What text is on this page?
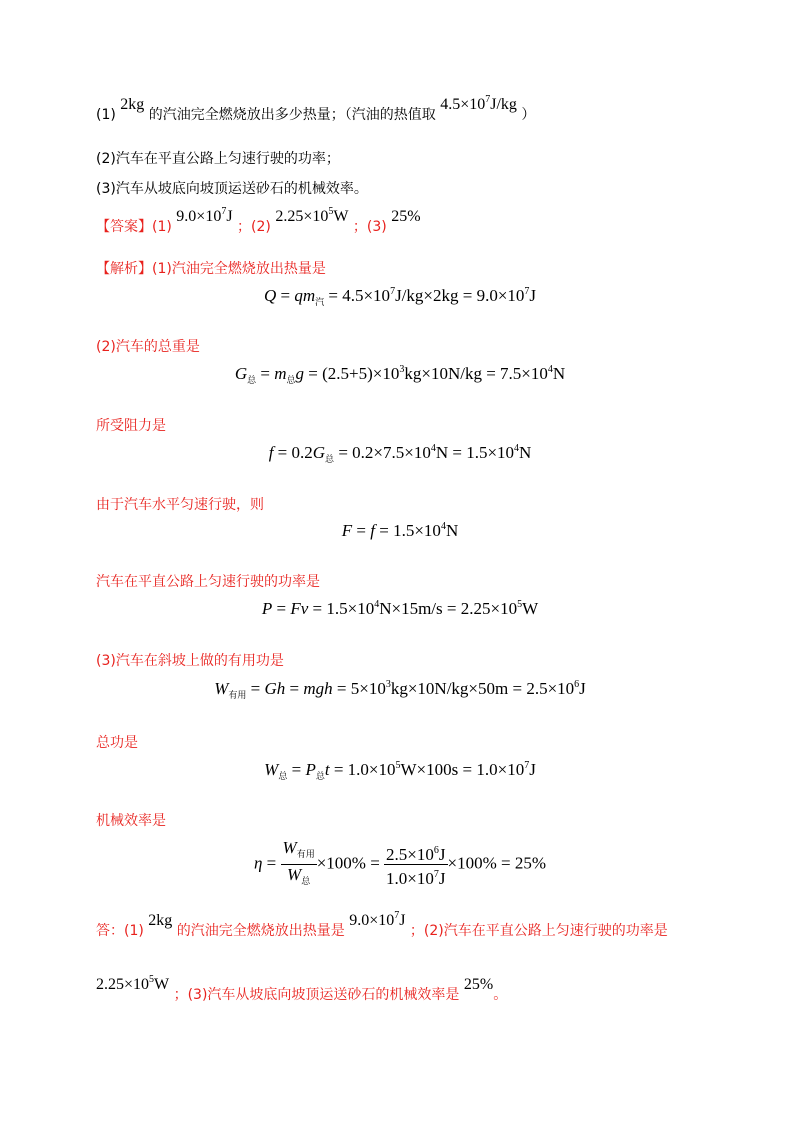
(1) 2kg 的汽油完全燃烧放出多少热量；（汽油的热值取 $4.5\times 10^7J/kg$ ）
(2)汽车在平直公路上匀速行驶的功率；
(3)汽车从坡底向坡顶运送砂石的机械效率。
【答案】(1) $9.0\times 10^7J$ ；(2) $2.25\times 10^5W$ ；(3) 25%
【解析】(1)汽油完全燃烧放出热量是
$Q = qm_汽 = 4.5\times 10^7J/kg\times 2kg = 9.0\times 10^7J$
(2)汽车的总重是
$G_总 = m_总g = (2.5+5)\times 10^3kg\times 10N/kg = 7.5\times 10^4N$
所受阻力是
$f = 0.2G_总 = 0.2\times 7.5\times 10^4N = 1.5\times 10^4N$
由于汽车水平匀速行驶，则
$F = f = 1.5\times 10^4N$
汽车在平直公路上匀速行驶的功率是
$P = Fv = 1.5\times 10^4N\times 15m/s = 2.25\times 10^5W$
(3)汽车在斜坡上做的有用功是
$W_{有用} = Gh$ = mgh = $5\times 10^3kg\times 10N/kg\times 50m = 2.5\times 10^6J$
总功是
$W_总 = P_总t = 1.0\times 10^5W\times 100s = 1.0\times 10^7J$
机械效率是
$\eta = \frac{W_{有用}}{W_总} \times 100\% = \frac{2.5\times 10^6J}{1.0\times 10^7J} \times 100\% = 25\%$
答：(1) 2kg 的汽油完全燃烧放出热量是 $9.0\times 10^7J$ ；(2)汽车在平直公路上匀速行驶的功率是
$2.25\times 10^5W$ ；(3)汽车从坡底向坡顶运送砂石的机械效率是 25%。
